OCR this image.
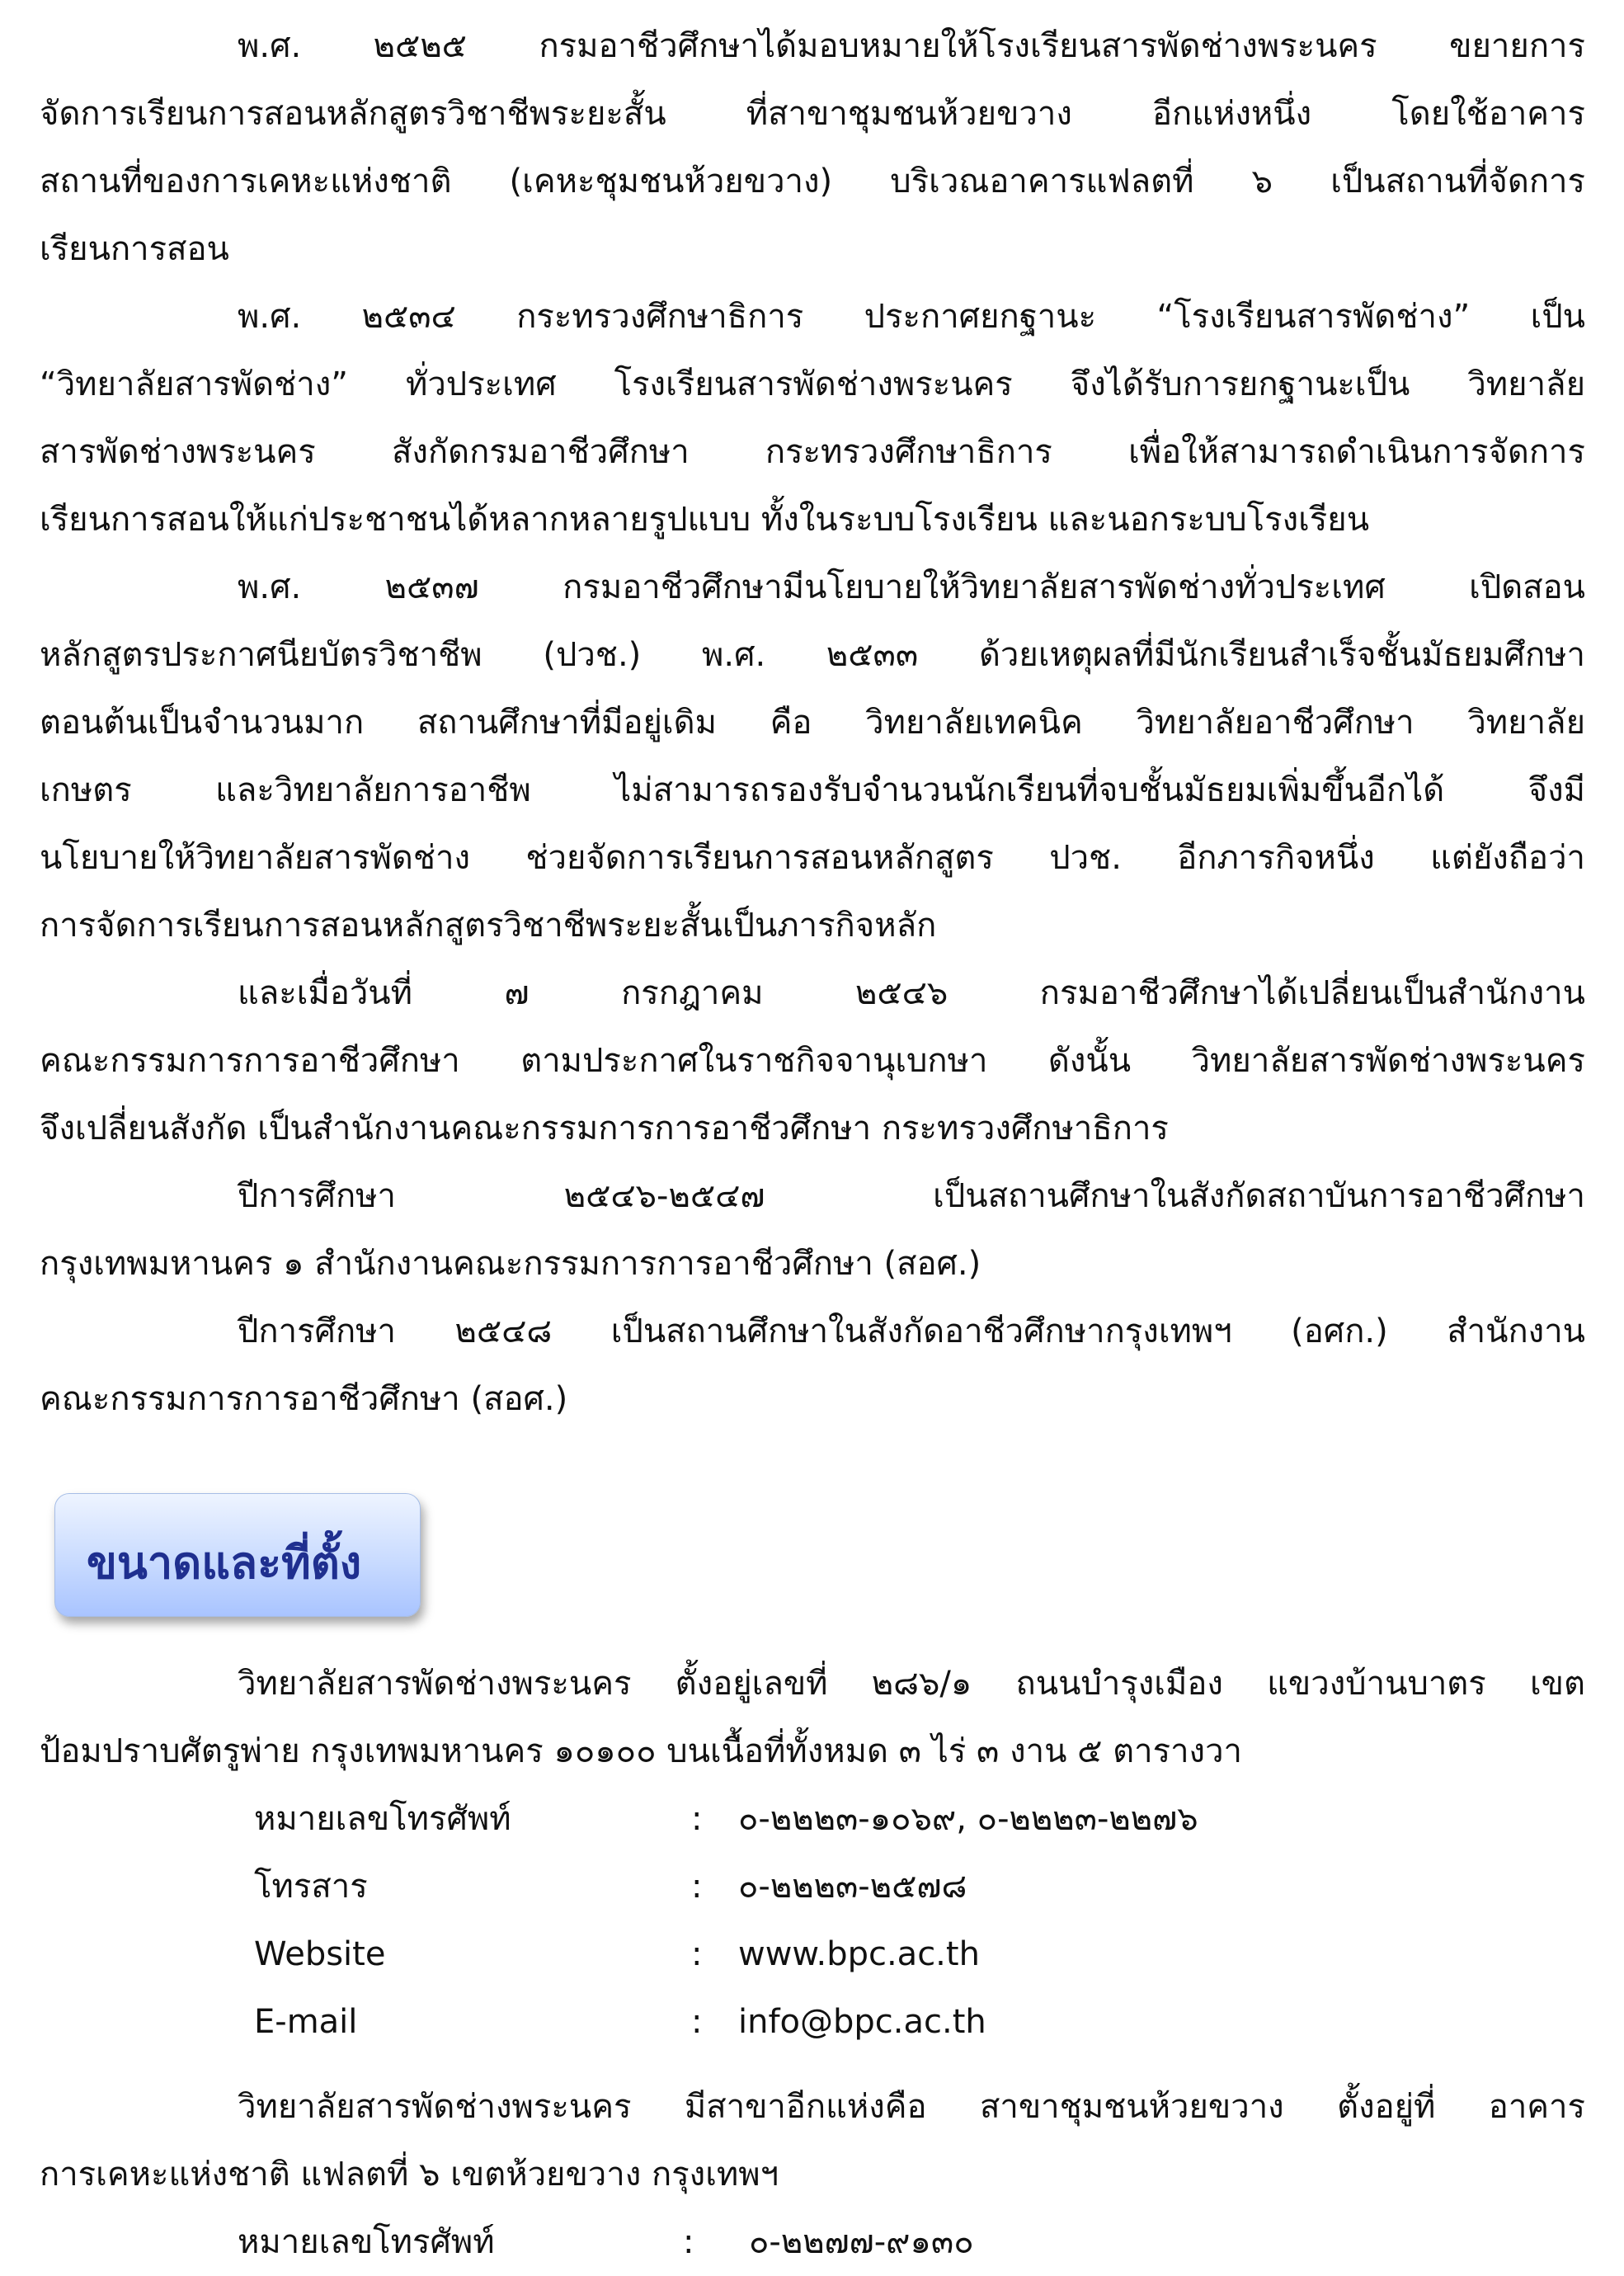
พ.ศ. ๒๕๒๕ กรมอาชีวศึกษาได้มอบหมายให้โรงเรียนสารพัดช่างพระนคร ขยายการ
จัดการเรียนการสอนหลักสูตรวิชาชีพระยะสั้น ที่สาขาชุมชนห้วยขวาง อีกแห่งหนึ่ง โดยใช้อาคาร
สถานที่ของการเคหะแห่งชาติ (เคหะชุมชนห้วยขวาง) บริเวณอาคารแฟลตที่ ๖ เป็นสถานที่จัดการ
เรียนการสอน

พ.ศ. ๒๕๓๔ กระทรวงศึกษาธิการ ประกาศยกฐานะ “โรงเรียนสารพัดช่าง” เป็น
“วิทยาลัยสารพัดช่าง” ทั่วประเทศ โรงเรียนสารพัดช่างพระนคร จึงได้รับการยกฐานะเป็น วิทยาลัย
สารพัดช่างพระนคร สังกัดกรมอาชีวศึกษา กระทรวงศึกษาธิการ เพื่อให้สามารถดำเนินการจัดการ
เรียนการสอนให้แก่ประชาชนได้หลากหลายรูปแบบ ทั้งในระบบโรงเรียน และนอกระบบโรงเรียน

พ.ศ. ๒๕๓๗ กรมอาชีวศึกษามีนโยบายให้วิทยาลัยสารพัดช่างทั่วประเทศ เปิดสอน
หลักสูตรประกาศนียบัตรวิชาชีพ (ปวช.) พ.ศ. ๒๕๓๓ ด้วยเหตุผลที่มีนักเรียนสำเร็จชั้นมัธยมศึกษา
ตอนต้นเป็นจำนวนมาก สถานศึกษาที่มีอยู่เดิม คือ วิทยาลัยเทคนิค วิทยาลัยอาชีวศึกษา วิทยาลัย
เกษตร และวิทยาลัยการอาชีพ ไม่สามารถรองรับจำนวนนักเรียนที่จบชั้นมัธยมเพิ่มขึ้นอีกได้ จึงมี
นโยบายให้วิทยาลัยสารพัดช่าง ช่วยจัดการเรียนการสอนหลักสูตร ปวช. อีกภารกิจหนึ่ง แต่ยังถือว่า
การจัดการเรียนการสอนหลักสูตรวิชาชีพระยะสั้นเป็นภารกิจหลัก

และเมื่อวันที่ ๗ กรกฎาคม ๒๕๔๖ กรมอาชีวศึกษาได้เปลี่ยนเป็นสำนักงาน
คณะกรรมการการอาชีวศึกษา ตามประกาศในราชกิจจานุเบกษา ดังนั้น วิทยาลัยสารพัดช่างพระนคร
จึงเปลี่ยนสังกัด เป็นสำนักงานคณะกรรมการการอาชีวศึกษา กระทรวงศึกษาธิการ

ปีการศึกษา ๒๕๔๖-๒๕๔๗ เป็นสถานศึกษาในสังกัดสถาบันการอาชีวศึกษา
กรุงเทพมหานคร ๑ สำนักงานคณะกรรมการการอาชีวศึกษา (สอศ.)

ปีการศึกษา ๒๕๔๘ เป็นสถานศึกษาในสังกัดอาชีวศึกษากรุงเทพฯ (อศก.) สำนักงาน
คณะกรรมการการอาชีวศึกษา (สอศ.)

ขนาดและที่ตั้ง

วิทยาลัยสารพัดช่างพระนคร ตั้งอยู่เลขที่ ๒๘๖/๑ ถนนบำรุงเมือง แขวงบ้านบาตร เขต
ป้อมปราบศัตรูพ่าย กรุงเทพมหานคร ๑๐๑๐๐ บนเนื้อที่ทั้งหมด ๓ ไร่ ๓ งาน ๕ ตารางวา

หมายเลขโทรศัพท์	: ๐-๒๒๒๓-๑๐๖๙, ๐-๒๒๒๓-๒๒๗๖
โทรสาร	: ๐-๒๒๒๓-๒๕๗๘
Website	: www.bpc.ac.th
E-mail	: info@bpc.ac.th

วิทยาลัยสารพัดช่างพระนคร มีสาขาอีกแห่งคือ สาขาชุมชนห้วยขวาง ตั้งอยู่ที่ อาคาร
การเคหะแห่งชาติ แฟลตที่ ๖ เขตห้วยขวาง กรุงเทพฯ

หมายเลขโทรศัพท์	: ๐-๒๒๗๗-๙๑๓๐
